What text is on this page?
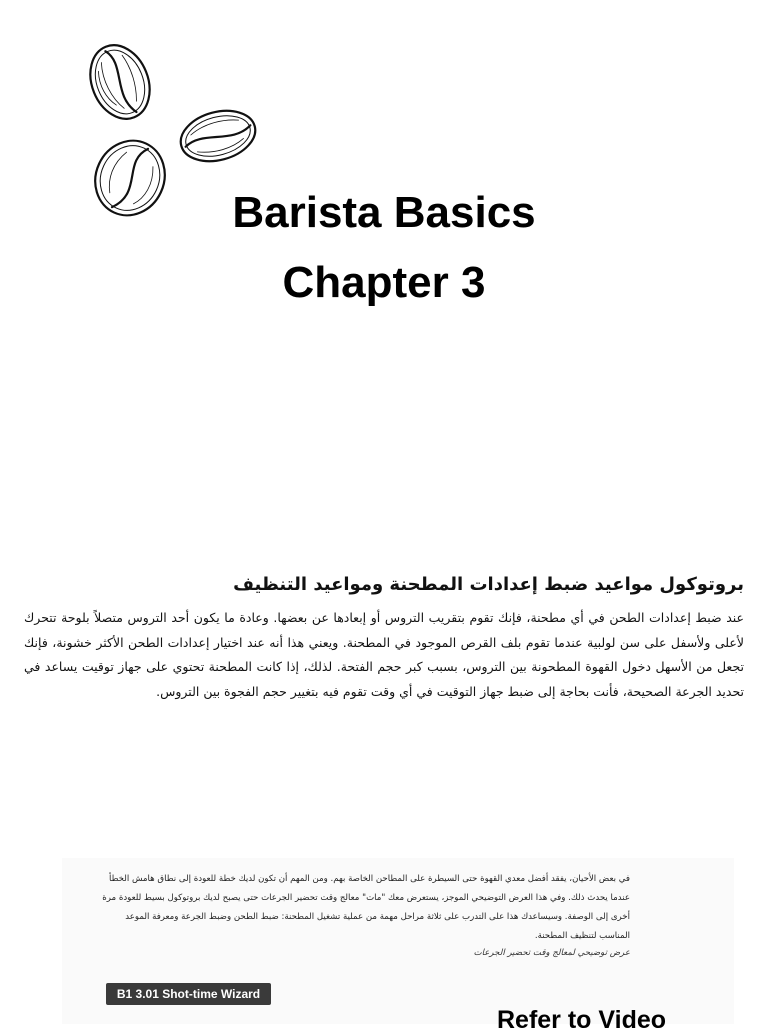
Barista Basics
Chapter 3
بروتوكول مواعيد ضبط إعدادات المطحنة ومواعيد التنظيف
عند ضبط إعدادات الطحن في أي مطحنة، فإنك تقوم بتقريب التروس أو إبعادها عن بعضها. وعادة ما يكون أحد التروس متصلاً بلوحة تتحرك لأعلى ولأسفل على سن لولبية عندما تقوم بلف القرص الموجود في المطحنة. ويعني هذا أنه عند اختيار إعدادات الطحن الأكثر خشونة، فإنك تجعل من الأسهل دخول القهوة المطحونة بين التروس، بسبب كبر حجم الفتحة. لذلك، إذا كانت المطحنة تحتوي على جهاز توقيت يساعد في تحديد الجرعة الصحيحة، فأنت بحاجة إلى ضبط جهاز التوقيت في أي وقت تقوم فيه بتغيير حجم الفجوة بين التروس.
في بعض الأحيان، يفقد أفضل معدي القهوة حتى السيطرة على المطاحن الخاصة بهم. ومن المهم أن تكون لديك خطة للعودة إلى نطاق هامش الخطأ عندما يحدث ذلك. وفي هذا العرض التوضيحي الموجز، يستعرض معك "مات" معالج وقت تحضير الجرعات حتى يصبح لديك بروتوكول بسيط للعودة مرة أخرى إلى الوصفة. وسيساعدك هذا على التدرب على ثلاثة مراحل مهمة من عملية تشغيل المطحنة: ضبط الطحن وضبط الجرعة ومعرفة الموعد المناسب لتنظيف المطحنة.
عرض توضيحي لمعالج وقت تحضير الجرعات
B1 3.01 Shot-time Wizard
Refer to Video
